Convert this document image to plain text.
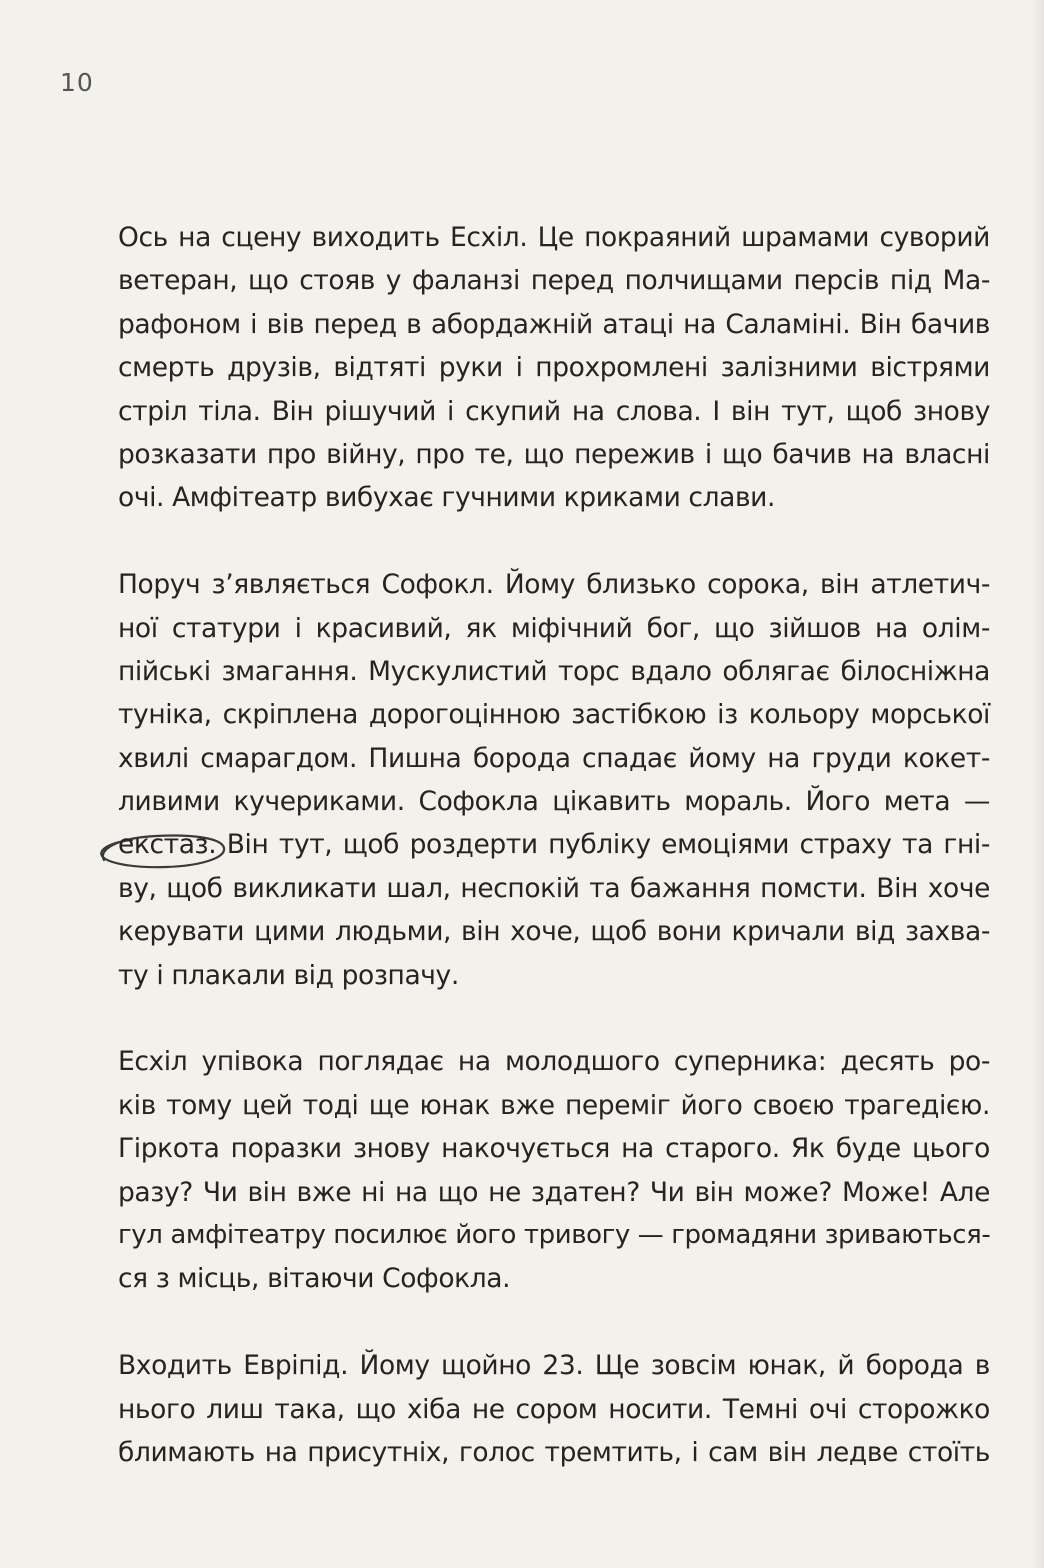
10
Ось на сцену виходить Есхіл. Це покраяний шрамами суворий
ветеран, що стояв у фаланзі перед полчищами персів під Ма-
рафоном і вів перед в абордажній атаці на Саламіні. Він бачив
смерть друзів, відтяті руки і прохромлені залізними вістрями
стріл тіла. Він рішучий і скупий на слова. І він тут, щоб знову
розказати про війну, про те, що пережив і що бачив на власні
очі. Амфітеатр вибухає гучними криками слави.
Поруч з’являється Софокл. Йому близько сорока, він атлетич-
ної статури і красивий, як міфічний бог, що зійшов на олім-
пійські змагання. Мускулистий торс вдало облягає білосніжна
туніка, скріплена дорогоцінною застібкою із кольору морської
хвилі смарагдом. Пишна борода спадає йому на груди кокет-
ливими кучериками. Софокла цікавить мораль. Його мета —
екстаз. Він тут, щоб роздерти публіку емоціями страху та гні-
ву, щоб викликати шал, неспокій та бажання помсти. Він хоче
керувати цими людьми, він хоче, щоб вони кричали від захва-
ту і плакали від розпачу.
Есхіл упівока поглядає на молодшого суперника: десять ро-
ків тому цей тоді ще юнак вже переміг його своєю трагедією.
Гіркота поразки знову накочується на старого. Як буде цього
разу? Чи він вже ні на що не здатен? Чи він може? Може! Але
гул амфітеатру посилює його тривогу — громадяни зриваються-
ся з місць, вітаючи Софокла.
Входить Евріпід. Йому щойно 23. Ще зовсім юнак, й борода в
нього лиш така, що хіба не сором носити. Темні очі сторожко
блимають на присутніх, голос тремтить, і сам він ледве стоїть
